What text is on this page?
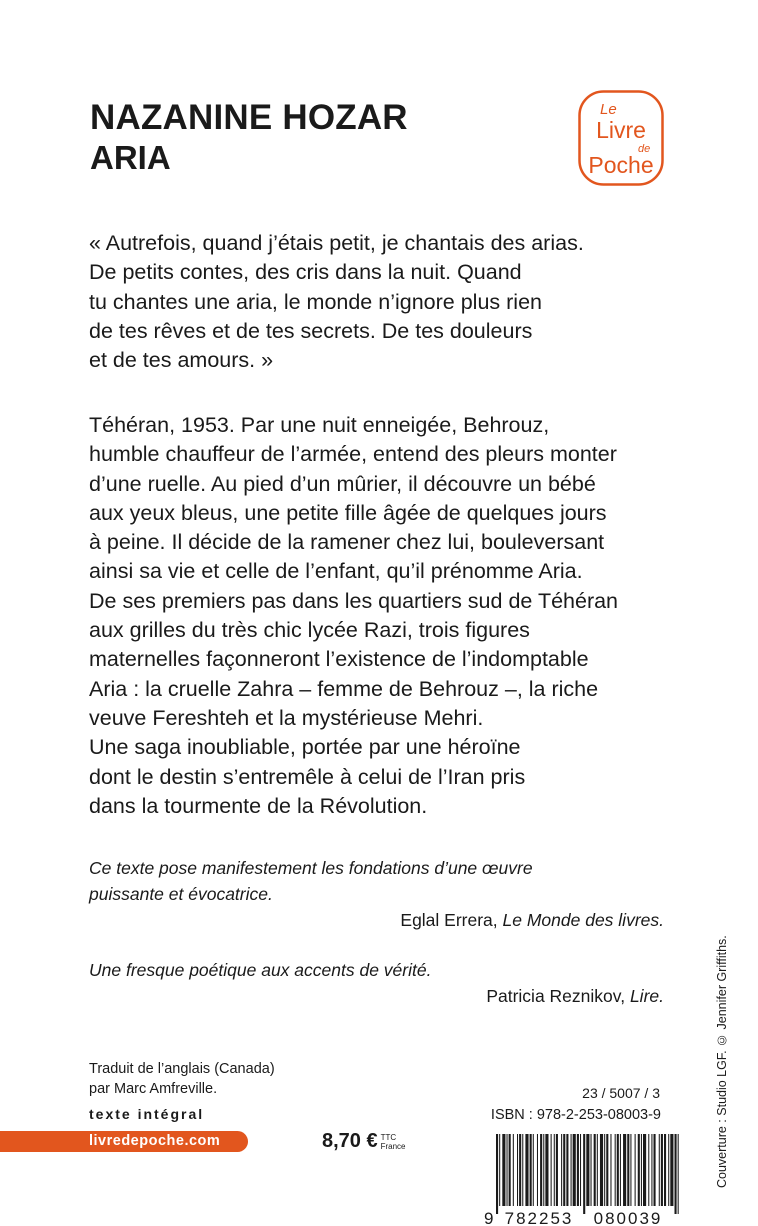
NAZANINE HOZAR
ARIA
Le
Livre
de
Poche
« Autrefois, quand j’étais petit, je chantais des arias.
De petits contes, des cris dans la nuit. Quand
tu chantes une aria, le monde n’ignore plus rien
de tes rêves et de tes secrets. De tes douleurs
et de tes amours. »
Téhéran, 1953. Par une nuit enneigée, Behrouz,
humble chauffeur de l’armée, entend des pleurs monter
d’une ruelle. Au pied d’un mûrier, il découvre un bébé
aux yeux bleus, une petite fille âgée de quelques jours
à peine. Il décide de la ramener chez lui, bouleversant
ainsi sa vie et celle de l’enfant, qu’il prénomme Aria.
De ses premiers pas dans les quartiers sud de Téhéran
aux grilles du très chic lycée Razi, trois figures
maternelles façonneront l’existence de l’indomptable
Aria : la cruelle Zahra – femme de Behrouz –, la riche
veuve Fereshteh et la mystérieuse Mehri.
Une saga inoubliable, portée par une héroïne
dont le destin s’entremêle à celui de l’Iran pris
dans la tourmente de la Révolution.
Ce texte pose manifestement les fondations d’une œuvre
puissante et évocatrice.
Eglal Errera, Le Monde des livres.
Une fresque poétique aux accents de vérité.
Patricia Reznikov, Lire.	Couverture : Studio LGF. © Jennifer Griffiths.
Traduit de l’anglais (Canada)
par Marc Amfreville.
texte intégral
livredepoche.com	8,70 € TTC
France
23 / 5007 / 3
ISBN : 978-2-253-08003-9
9 782253 080039
